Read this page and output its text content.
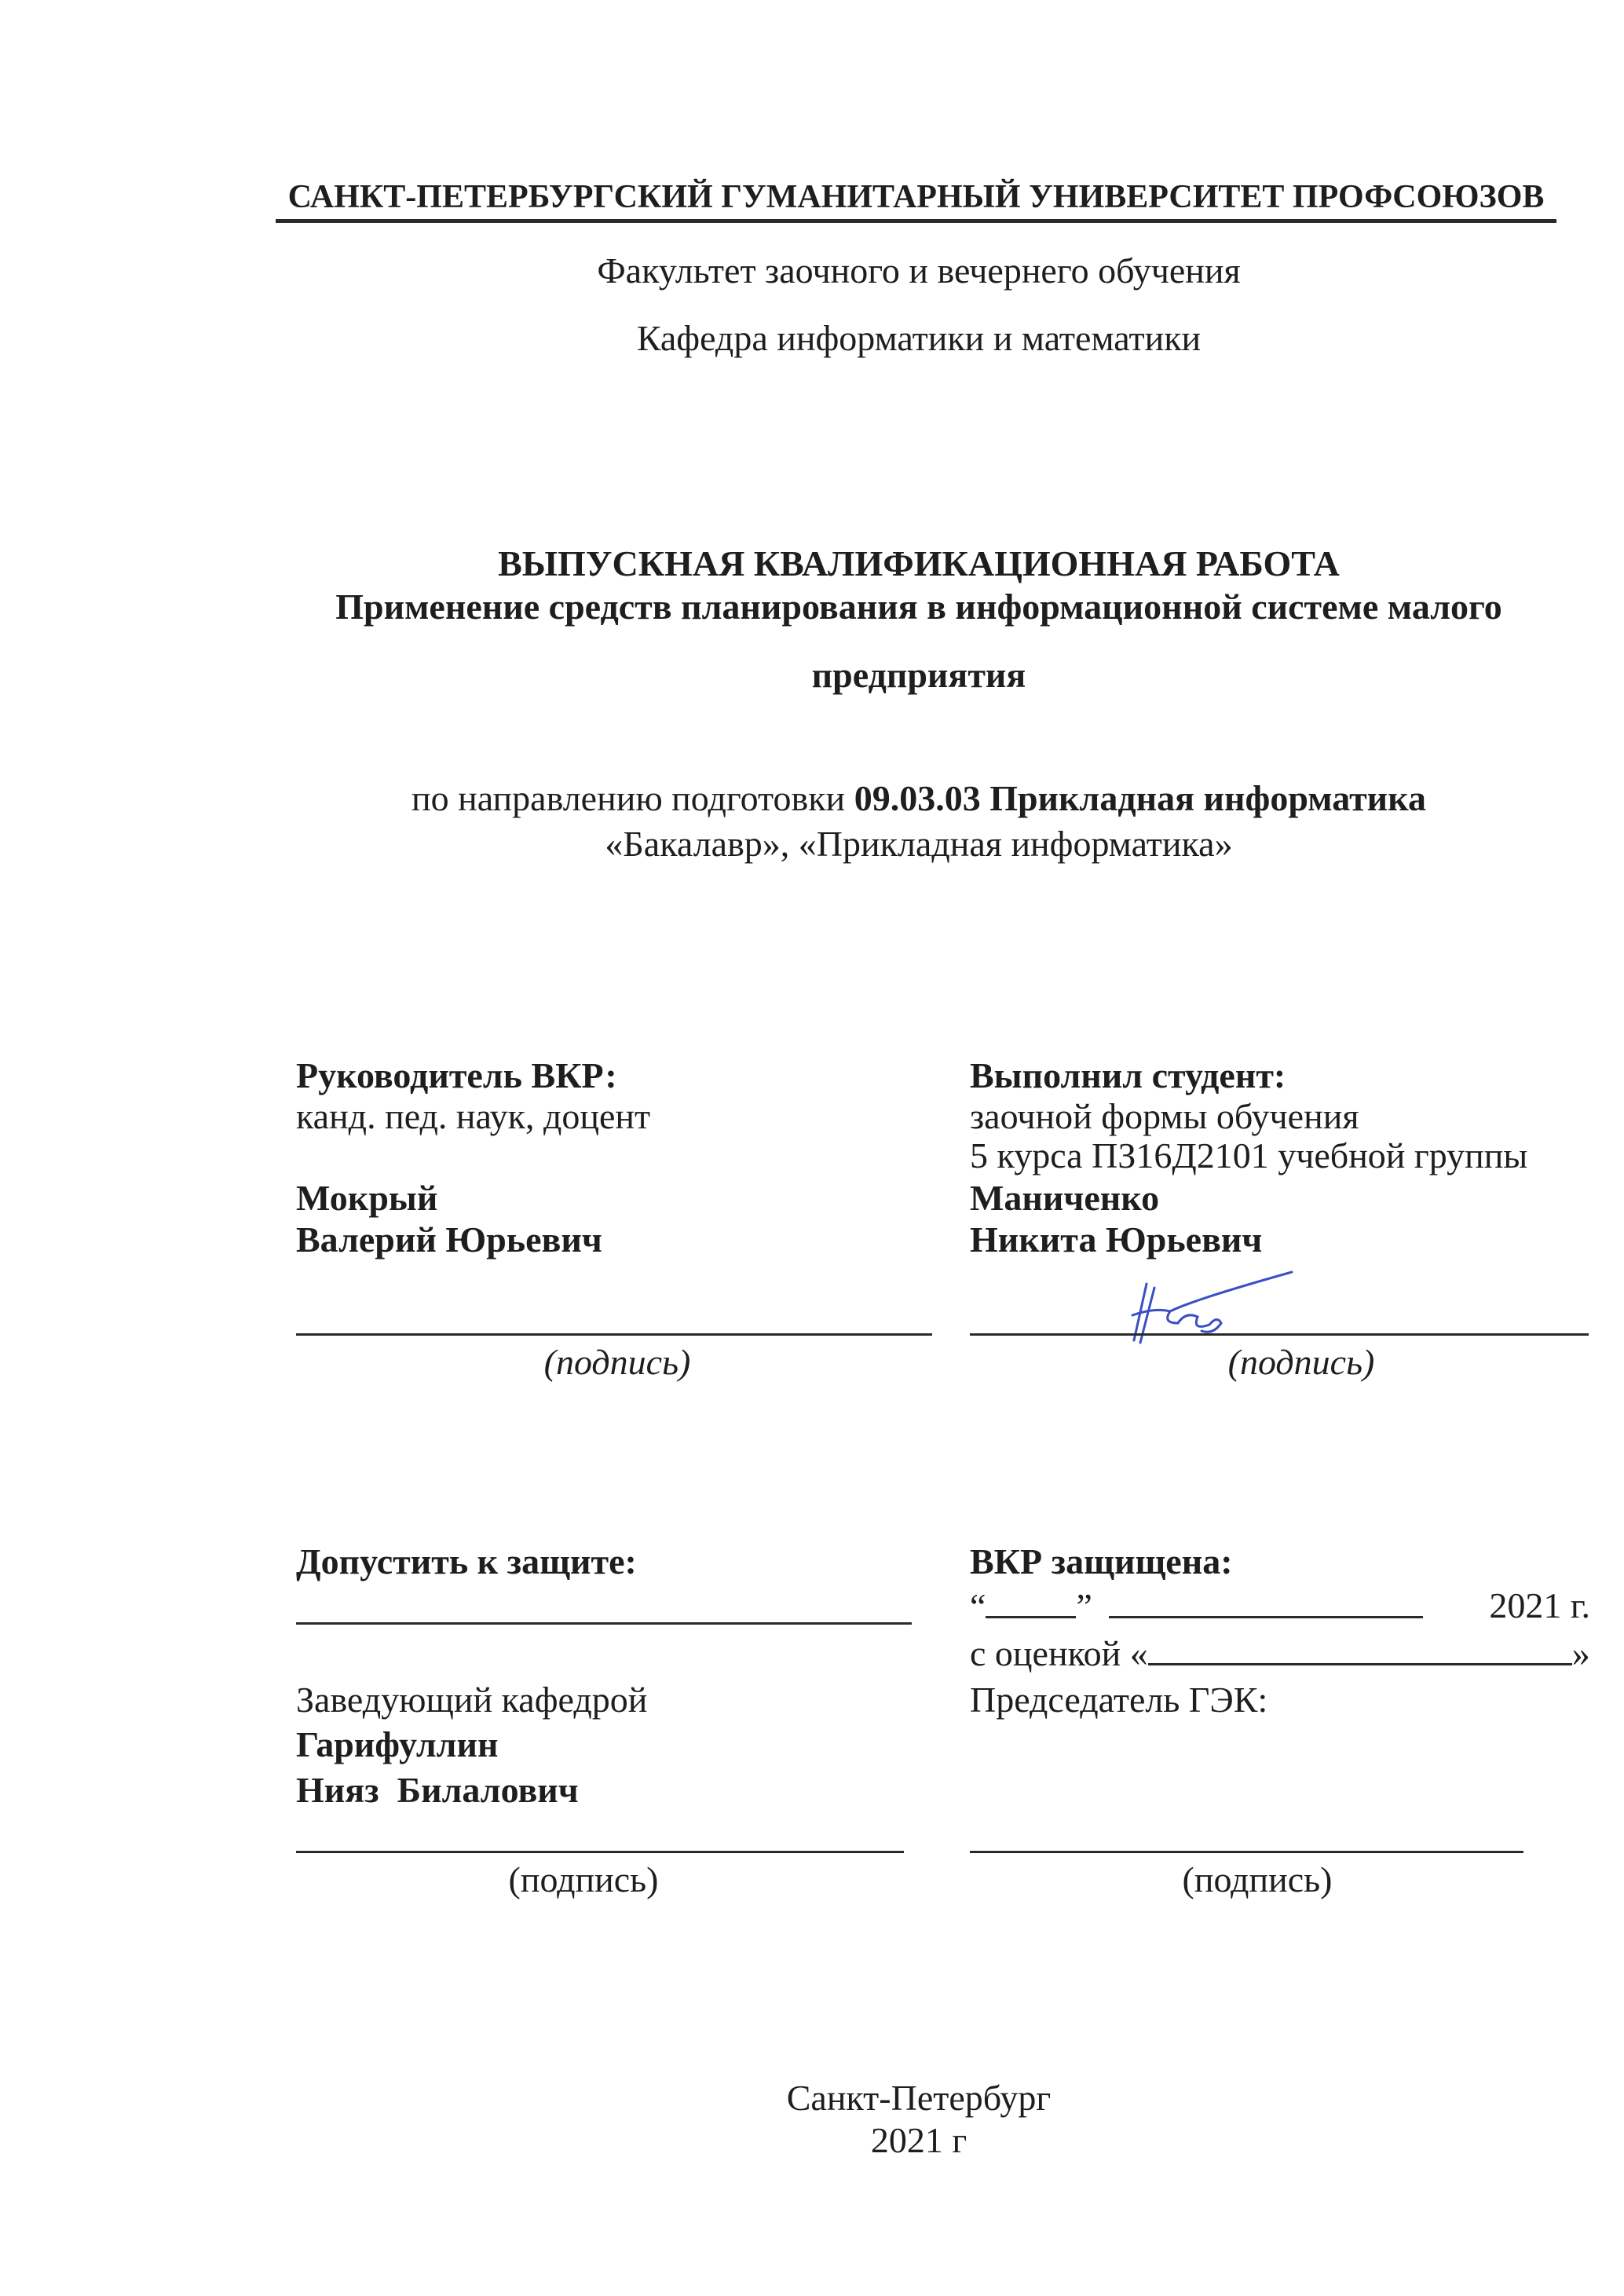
САНКТ-ПЕТЕРБУРГСКИЙ ГУМАНИТАРНЫЙ УНИВЕРСИТЕТ ПРОФСОЮЗОВ
Факультет заочного и вечернего обучения
Кафедра информатики и математики
ВЫПУСКНАЯ КВАЛИФИКАЦИОННАЯ РАБОТА
Применение средств планирования в информационной системе малого
предприятия
по направлению подготовки 09.03.03 Прикладная информатика
«Бакалавр», «Прикладная информатика»
Руководитель ВКР:
канд. пед. наук, доцент
Мокрый
Валерий Юрьевич
(подпись)
Выполнил студент:
заочной формы обучения
5 курса ПЗ16Д2101 учебной группы
Маниченко
Никита Юрьевич
(подпись)
Допустить к защите:
Заведующий кафедрой
Гарифуллин
Нияз  Билалович
(подпись)
ВКР защищена:
“	”	2021 г.
с оценкой «	»
Председатель ГЭК:
(подпись)
Санкт-Петербург
2021 г
